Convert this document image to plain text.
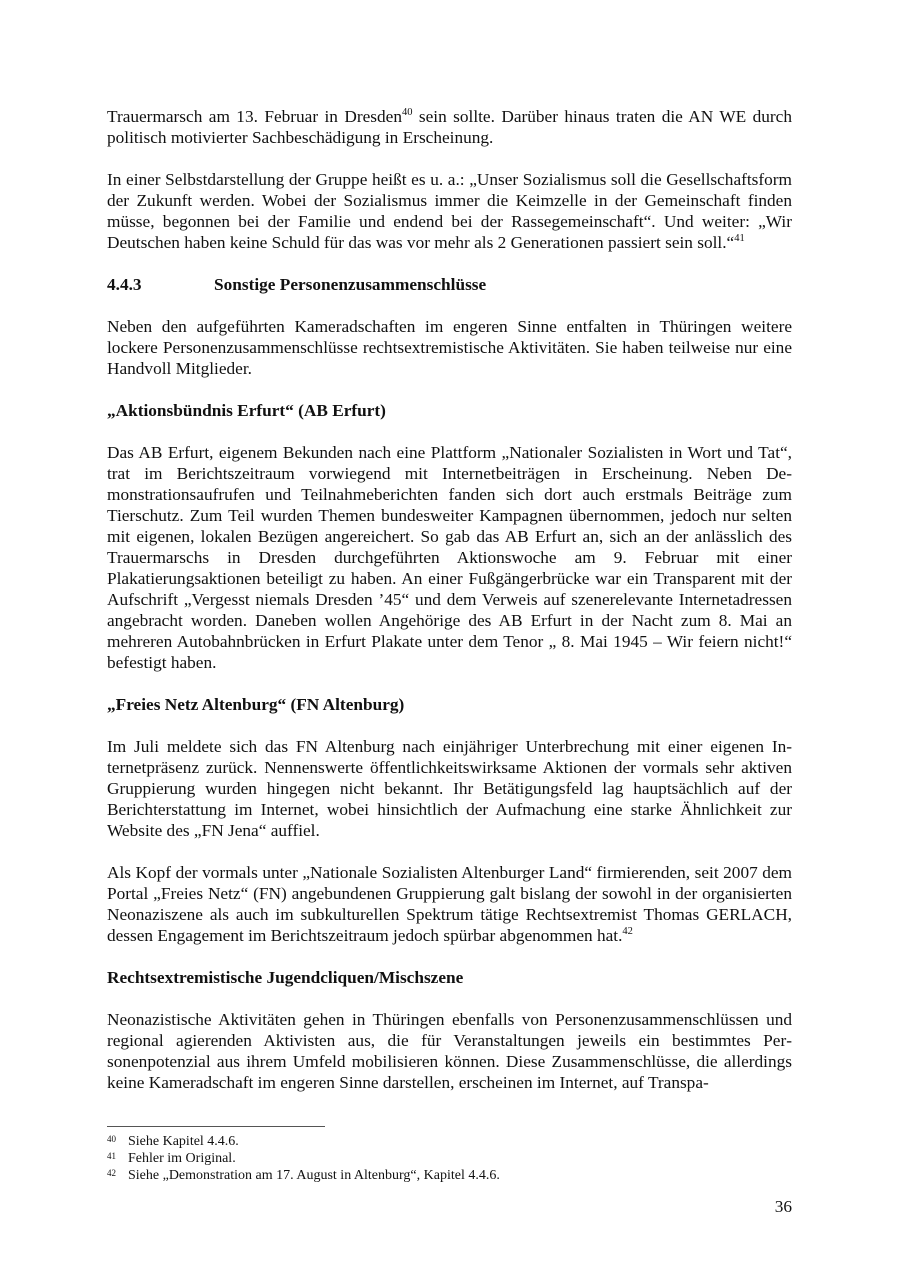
Trauermarsch am 13. Februar in Dresden$^{40}$ sein sollte. Darüber hinaus traten die AN WE durch politisch motivierter Sachbeschädigung in Erscheinung.

In einer Selbstdarstellung der Gruppe heißt es u. a.: „Unser Sozialismus soll die Gesellschaftsform der Zukunft werden. Wobei der Sozialismus immer die Keimzelle in der Gemeinschaft finden müsse, begonnen bei der Familie und endend bei der Rassegemeinschaft“. Und weiter: „Wir Deutschen haben keine Schuld für das was vor mehr als 2 Generationen passiert sein soll.“$^{41}$

4.4.3	Sonstige Personenzusammenschlüsse

Neben den aufgeführten Kameradschaften im engeren Sinne entfalten in Thüringen weitere lockere Personenzusammenschlüsse rechtsextremistische Aktivitäten. Sie haben teilweise nur eine Handvoll Mitglieder.

„Aktionsbündnis Erfurt“ (AB Erfurt)

Das AB Erfurt, eigenem Bekunden nach eine Plattform „Nationaler Sozialisten in Wort und Tat“, trat im Berichtszeitraum vorwiegend mit Internetbeiträgen in Erscheinung. Neben Demonstrationsaufrufen und Teilnahmeberichten fanden sich dort auch erstmals Beiträge zum Tierschutz. Zum Teil wurden Themen bundesweiter Kampagnen übernommen, jedoch nur selten mit eigenen, lokalen Bezügen angereichert. So gab das AB Erfurt an, sich an der anlässlich des Trauermarschs in Dresden durchgeführten Aktionswoche am 9. Februar mit einer Plakatierungsaktionen beteiligt zu haben. An einer Fußgängerbrücke war ein Transparent mit der Aufschrift „Vergesst niemals Dresden ’45“ und dem Verweis auf szenerelevante Internetadressen angebracht worden. Daneben wollen Angehörige des AB Erfurt in der Nacht zum 8. Mai an mehreren Autobahnbrücken in Erfurt Plakate unter dem Tenor „ 8. Mai 1945 – Wir feiern nicht!“ befestigt haben.

„Freies Netz Altenburg“ (FN Altenburg)

Im Juli meldete sich das FN Altenburg nach einjähriger Unterbrechung mit einer eigenen Internetpräsenz zurück. Nennenswerte öffentlichkeitswirksame Aktionen der vormals sehr aktiven Gruppierung wurden hingegen nicht bekannt. Ihr Betätigungsfeld lag hauptsächlich auf der Berichterstattung im Internet, wobei hinsichtlich der Aufmachung eine starke Ähnlichkeit zur Website des „FN Jena“ auffiel.

Als Kopf der vormals unter „Nationale Sozialisten Altenburger Land“ firmierenden, seit 2007 dem Portal „Freies Netz“ (FN) angebundenen Gruppierung galt bislang der sowohl in der organisierten Neonaziszene als auch im subkulturellen Spektrum tätige Rechtsextremist Thomas GERLACH, dessen Engagement im Berichtszeitraum jedoch spürbar abgenommen hat.$^{42}$

Rechtsextremistische Jugendcliquen/Mischszene

Neonazistische Aktivitäten gehen in Thüringen ebenfalls von Personenzusammenschlüssen und regional agierenden Aktivisten aus, die für Veranstaltungen jeweils ein bestimmtes Personenpotenzial aus ihrem Umfeld mobilisieren können. Diese Zusammenschlüsse, die allerdings keine Kameradschaft im engeren Sinne darstellen, erscheinen im Internet, auf Transpa-

40 Siehe Kapitel 4.4.6.
41 Fehler im Original.
42 Siehe „Demonstration am 17. August in Altenburg“, Kapitel 4.4.6.
36
